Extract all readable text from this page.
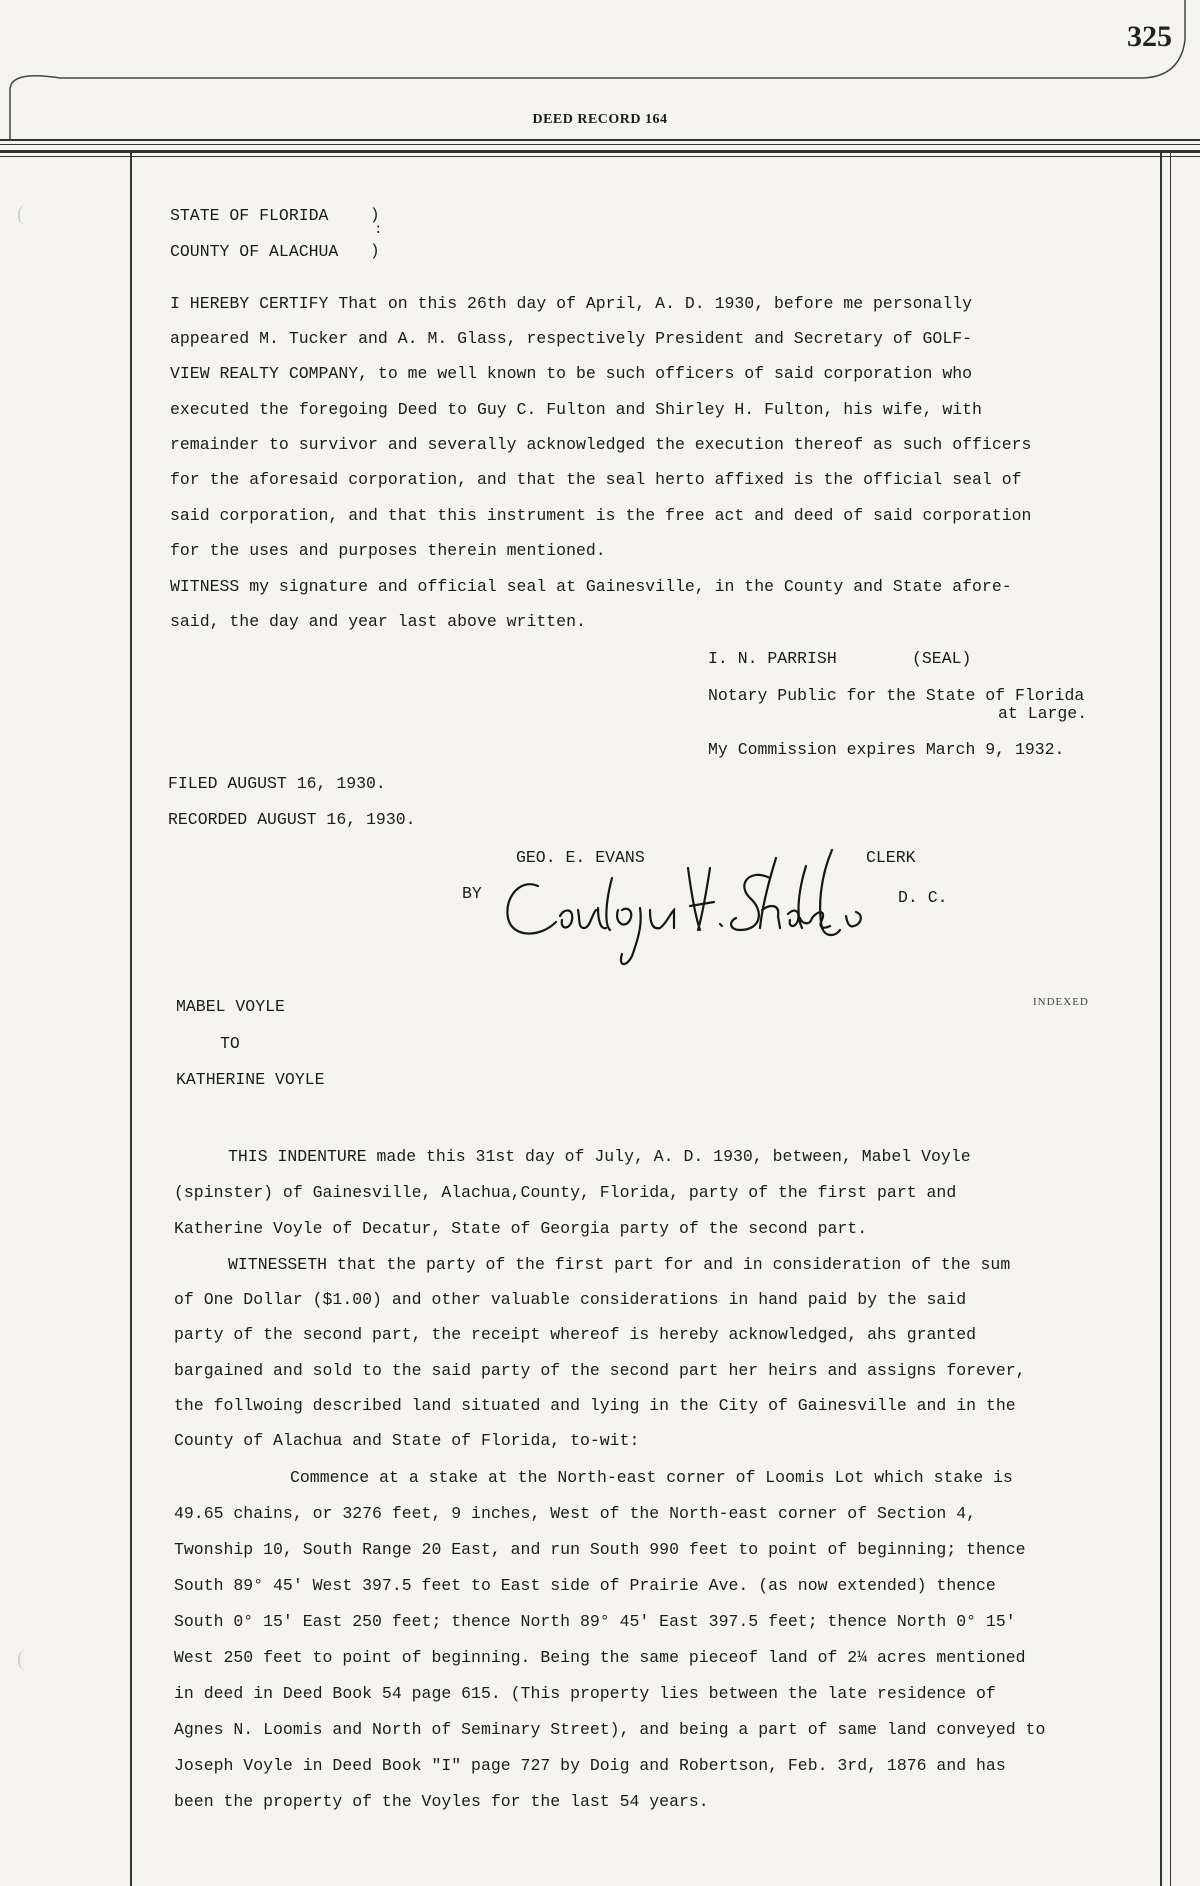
325
DEED RECORD 164
STATE OF FLORIDA	)
:
COUNTY OF ALACHUA )
I HEREBY CERTIFY That on this 26th day of April, A. D. 1930, before me personally
appeared M. Tucker and A. M. Glass, respectively President and Secretary of GOLF-
VIEW REALTY COMPANY, to me well known to be such officers of said corporation who
executed the foregoing Deed to Guy C. Fulton and Shirley H. Fulton, his wife, with
remainder to survivor and severally acknowledged the execution thereof as such officers
for the aforesaid corporation, and that the seal herto affixed is the official seal of
said corporation, and that this instrument is the free act and deed of said corporation
for the uses and purposes therein mentioned.
WITNESS my signature and official seal at Gainesville, in the County and State afore-
said, the day and year last above written.
I. N. PARRISH	(SEAL)
Notary Public for the State of Florida
at Large.
My Commission expires March 9, 1932.
FILED AUGUST 16, 1930.
RECORDED AUGUST 16, 1930.
GEO. E. EVANS	CLERK
BY	D. C.
MABEL VOYLE
TO
KATHERINE VOYLE
INDEXED
THIS INDENTURE made this 31st day of July, A. D. 1930, between, Mabel Voyle
(spinster) of Gainesville, Alachua,County, Florida, party of the first part and
Katherine Voyle of Decatur, State of Georgia party of the second part.
WITNESSETH that the party of the first part for and in consideration of the sum
of One Dollar ($1.00) and other valuable considerations in hand paid by the said
party of the second part, the receipt whereof is hereby acknowledged, ahs granted
bargained and sold to the said party of the second part her heirs and assigns forever,
the follwoing described land situated and lying in the City of Gainesville and in the
County of Alachua and State of Florida, to-wit:
Commence at a stake at the North-east corner of Loomis Lot which stake is
49.65 chains, or 3276 feet, 9 inches, West of the North-east corner of Section 4,
Twonship 10, South Range 20 East, and run South 990 feet to point of beginning; thence
South 89° 45' West 397.5 feet to East side of Prairie Ave. (as now extended) thence
South 0° 15' East 250 feet; thence North 89° 45' East 397.5 feet; thence North 0° 15'
West 250 feet to point of beginning. Being the same pieceof land of 2¼ acres mentioned
in deed in Deed Book 54 page 615. (This property lies between the late residence of
Agnes N. Loomis and North of Seminary Street), and being a part of same land conveyed to
Joseph Voyle in Deed Book "I" page 727 by Doig and Robertson, Feb. 3rd, 1876 and has
been the property of the Voyles for the last 54 years.
